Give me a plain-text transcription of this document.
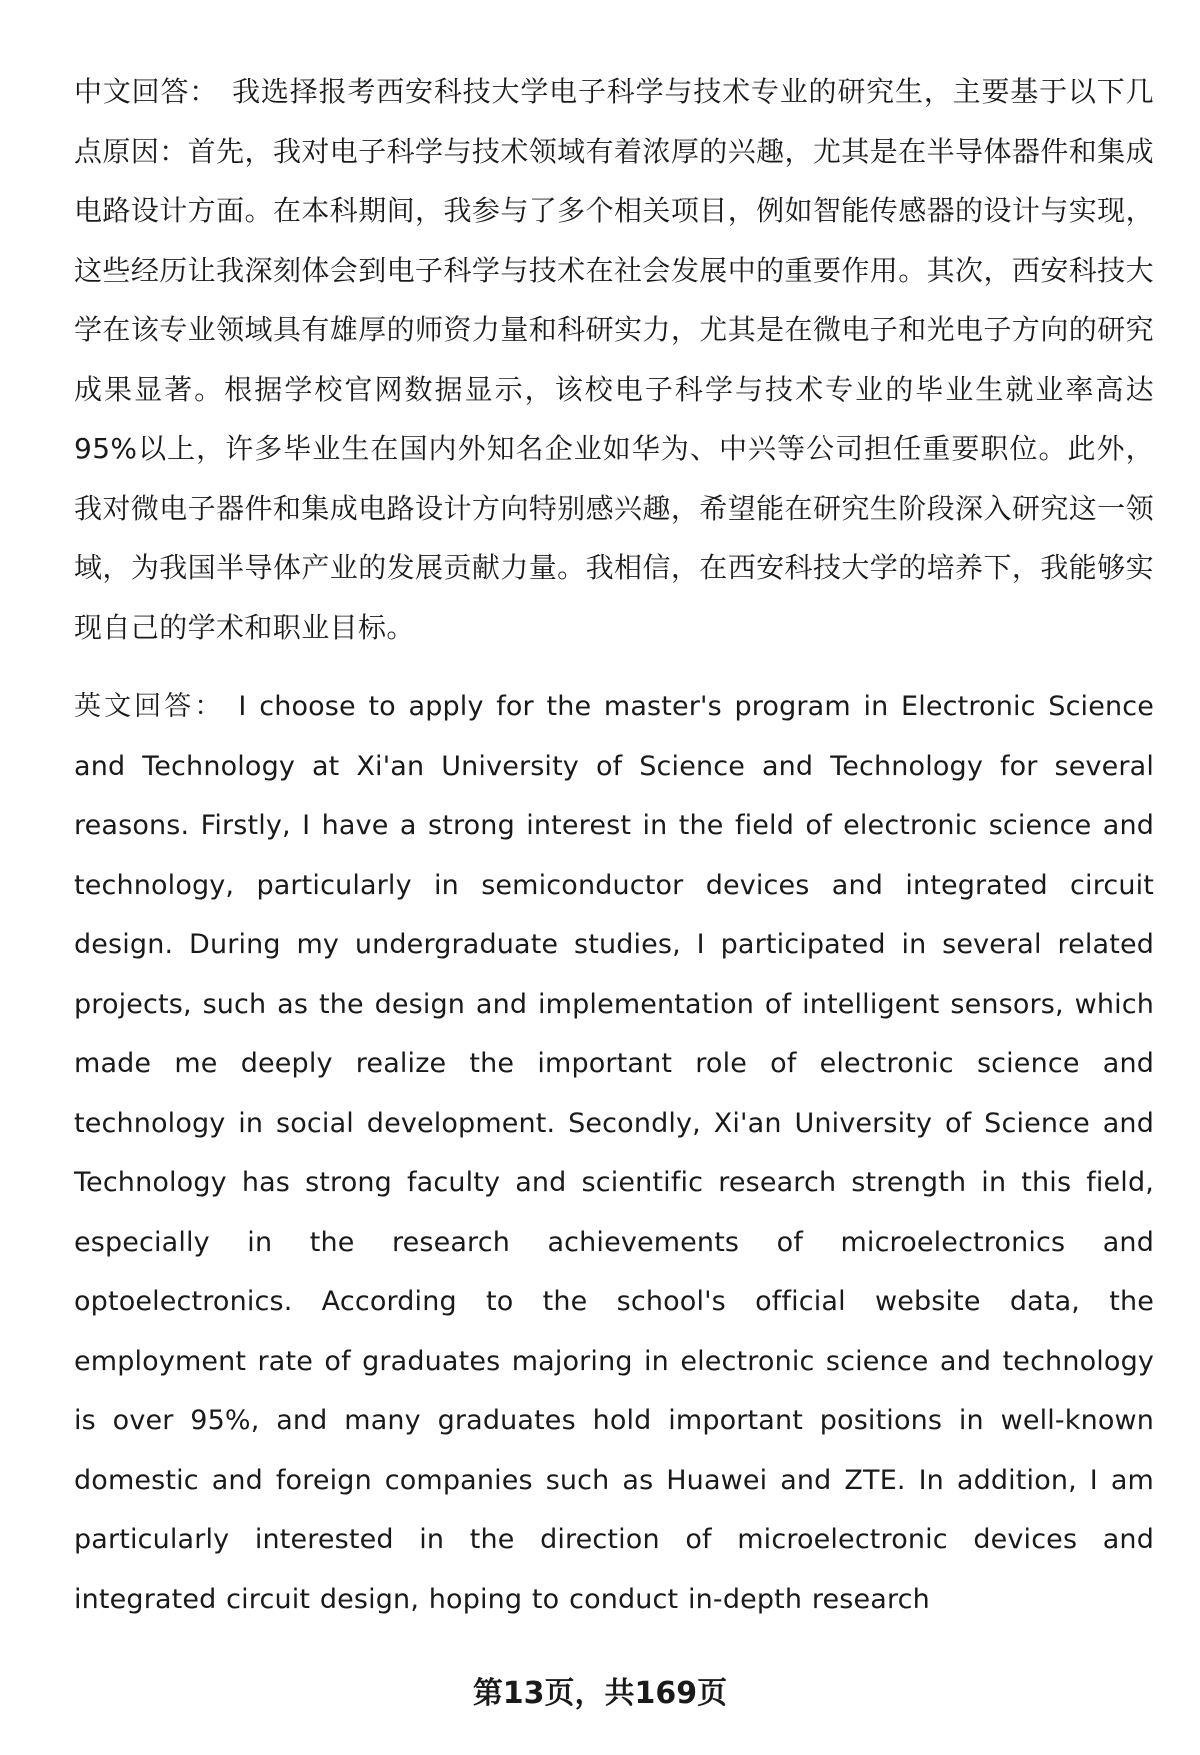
中文回答： 我选择报考西安科技大学电子科学与技术专业的研究生，主要基于以下几点原因：首先，我对电子科学与技术领域有着浓厚的兴趣，尤其是在半导体器件和集成电路设计方面。在本科期间，我参与了多个相关项目，例如智能传感器的设计与实现，这些经历让我深刻体会到电子科学与技术在社会发展中的重要作用。其次，西安科技大学在该专业领域具有雄厚的师资力量和科研实力，尤其是在微电子和光电子方向的研究成果显著。根据学校官网数据显示，该校电子科学与技术专业的毕业生就业率高达95%以上，许多毕业生在国内外知名企业如华为、中兴等公司担任重要职位。此外，我对微电子器件和集成电路设计方向特别感兴趣，希望能在研究生阶段深入研究这一领域，为我国半导体产业的发展贡献力量。我相信，在西安科技大学的培养下，我能够实现自己的学术和职业目标。

英文回答： I choose to apply for the master's program in Electronic Science and Technology at Xi'an University of Science and Technology for several reasons. Firstly, I have a strong interest in the field of electronic science and technology, particularly in semiconductor devices and integrated circuit design. During my undergraduate studies, I participated in several related projects, such as the design and implementation of intelligent sensors, which made me deeply realize the important role of electronic science and technology in social development. Secondly, Xi'an University of Science and Technology has strong faculty and scientific research strength in this field, especially in the research achievements of microelectronics and optoelectronics. According to the school's official website data, the employment rate of graduates majoring in electronic science and technology is over 95%, and many graduates hold important positions in well-known domestic and foreign companies such as Huawei and ZTE. In addition, I am particularly interested in the direction of microelectronic devices and integrated circuit design, hoping to conduct in-depth research

第13页，共169页
